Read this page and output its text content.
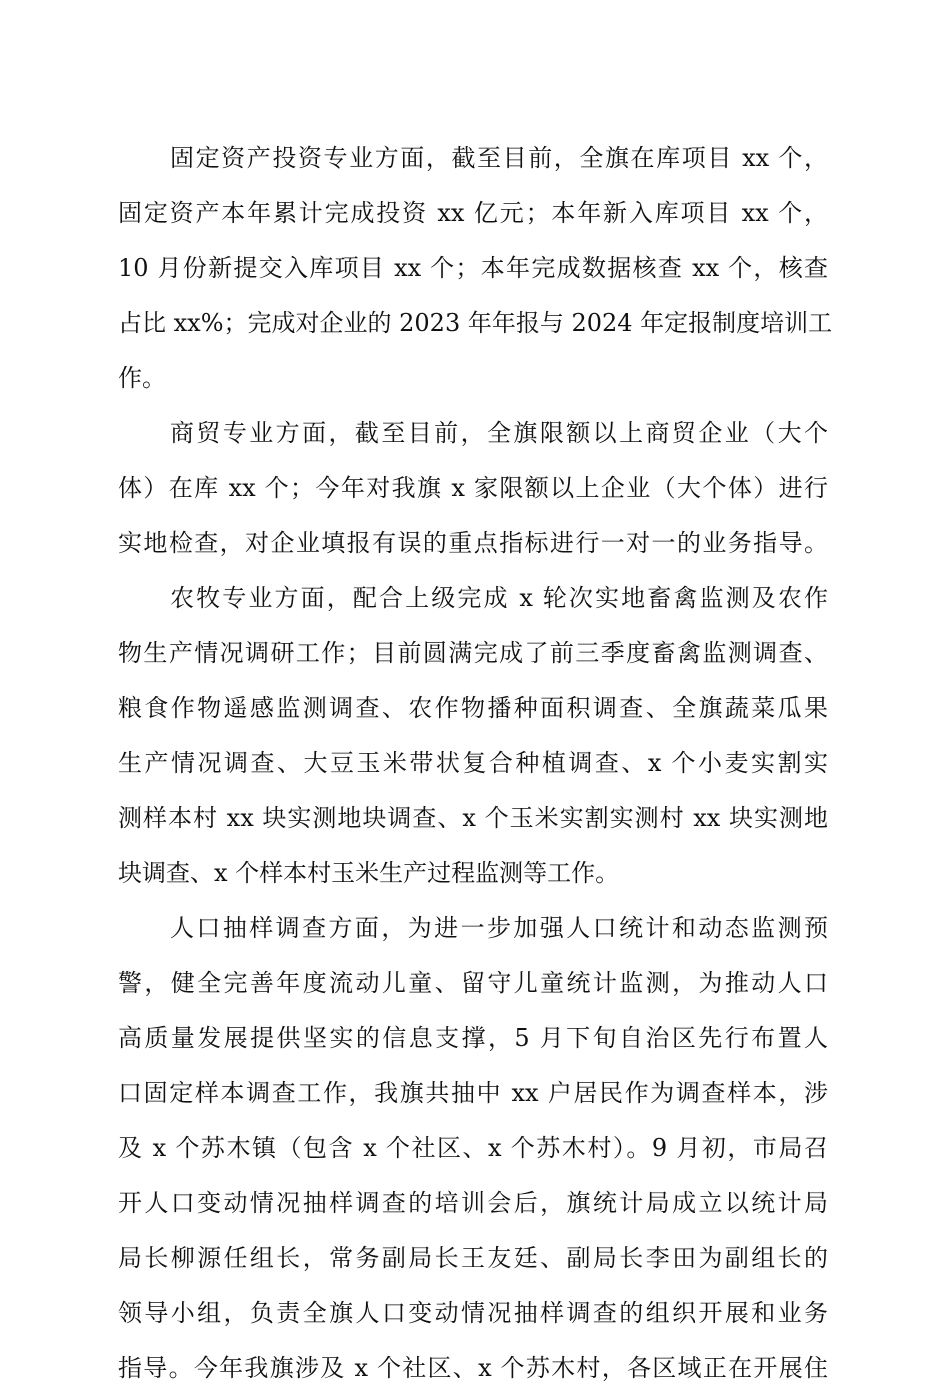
固定资产投资专业方面，截至目前，全旗在库项目 xx 个，
固定资产本年累计完成投资 xx 亿元；本年新入库项目 xx 个，
10 月份新提交入库项目 xx 个；本年完成数据核查 xx 个，核查
占比 xx%；完成对企业的 2023 年年报与 2024 年定报制度培训工
作。
商贸专业方面，截至目前，全旗限额以上商贸企业（大个
体）在库 xx 个；今年对我旗 x 家限额以上企业（大个体）进行
实地检查，对企业填报有误的重点指标进行一对一的业务指导。
农牧专业方面，配合上级完成 x 轮次实地畜禽监测及农作
物生产情况调研工作；目前圆满完成了前三季度畜禽监测调查、
粮食作物遥感监测调查、农作物播种面积调查、全旗蔬菜瓜果
生产情况调查、大豆玉米带状复合种植调查、x 个小麦实割实
测样本村 xx 块实测地块调查、x 个玉米实割实测村 xx 块实测地
块调查、x 个样本村玉米生产过程监测等工作。
人口抽样调查方面，为进一步加强人口统计和动态监测预
警，健全完善年度流动儿童、留守儿童统计监测，为推动人口
高质量发展提供坚实的信息支撑，5 月下旬自治区先行布置人
口固定样本调查工作，我旗共抽中 xx 户居民作为调查样本，涉
及 x 个苏木镇（包含 x 个社区、x 个苏木村）。9 月初，市局召
开人口变动情况抽样调查的培训会后，旗统计局成立以统计局
局长柳源任组长，常务副局长王友廷、副局长李田为副组长的
领导小组，负责全旗人口变动情况抽样调查的组织开展和业务
指导。今年我旗涉及 x 个社区、x 个苏木村，各区域正在开展住
